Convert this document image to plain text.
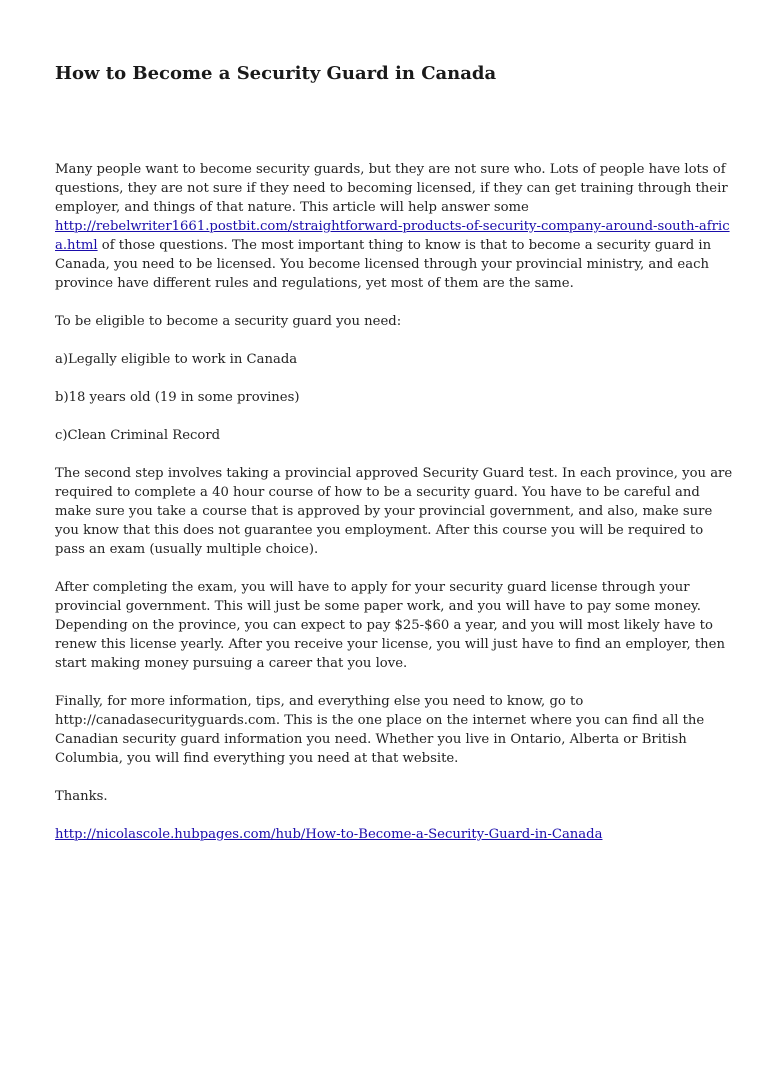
How to Become a Security Guard in Canada

Many people want to become security guards, but they are not sure who. Lots of people have lots of
questions, they are not sure if they need to becoming licensed, if they can get training through their
employer, and things of that nature. This article will help answer some
http://rebelwriter1661.postbit.com/straightforward-products-of-security-company-around-south-afric
a.html of those questions. The most important thing to know is that to become a security guard in
Canada, you need to be licensed. You become licensed through your provincial ministry, and each
province have different rules and regulations, yet most of them are the same.

To be eligible to become a security guard you need:

a)Legally eligible to work in Canada

b)18 years old (19 in some provines)

c)Clean Criminal Record

The second step involves taking a provincial approved Security Guard test. In each province, you are
required to complete a 40 hour course of how to be a security guard. You have to be careful and
make sure you take a course that is approved by your provincial government, and also, make sure
you know that this does not guarantee you employment. After this course you will be required to
pass an exam (usually multiple choice).

After completing the exam, you will have to apply for your security guard license through your
provincial government. This will just be some paper work, and you will have to pay some money.
Depending on the province, you can expect to pay $25-$60 a year, and you will most likely have to
renew this license yearly. After you receive your license, you will just have to find an employer, then
start making money pursuing a career that you love.

Finally, for more information, tips, and everything else you need to know, go to
http://canadasecurityguards.com. This is the one place on the internet where you can find all the
Canadian security guard information you need. Whether you live in Ontario, Alberta or British
Columbia, you will find everything you need at that website.

Thanks.

http://nicolascole.hubpages.com/hub/How-to-Become-a-Security-Guard-in-Canada
